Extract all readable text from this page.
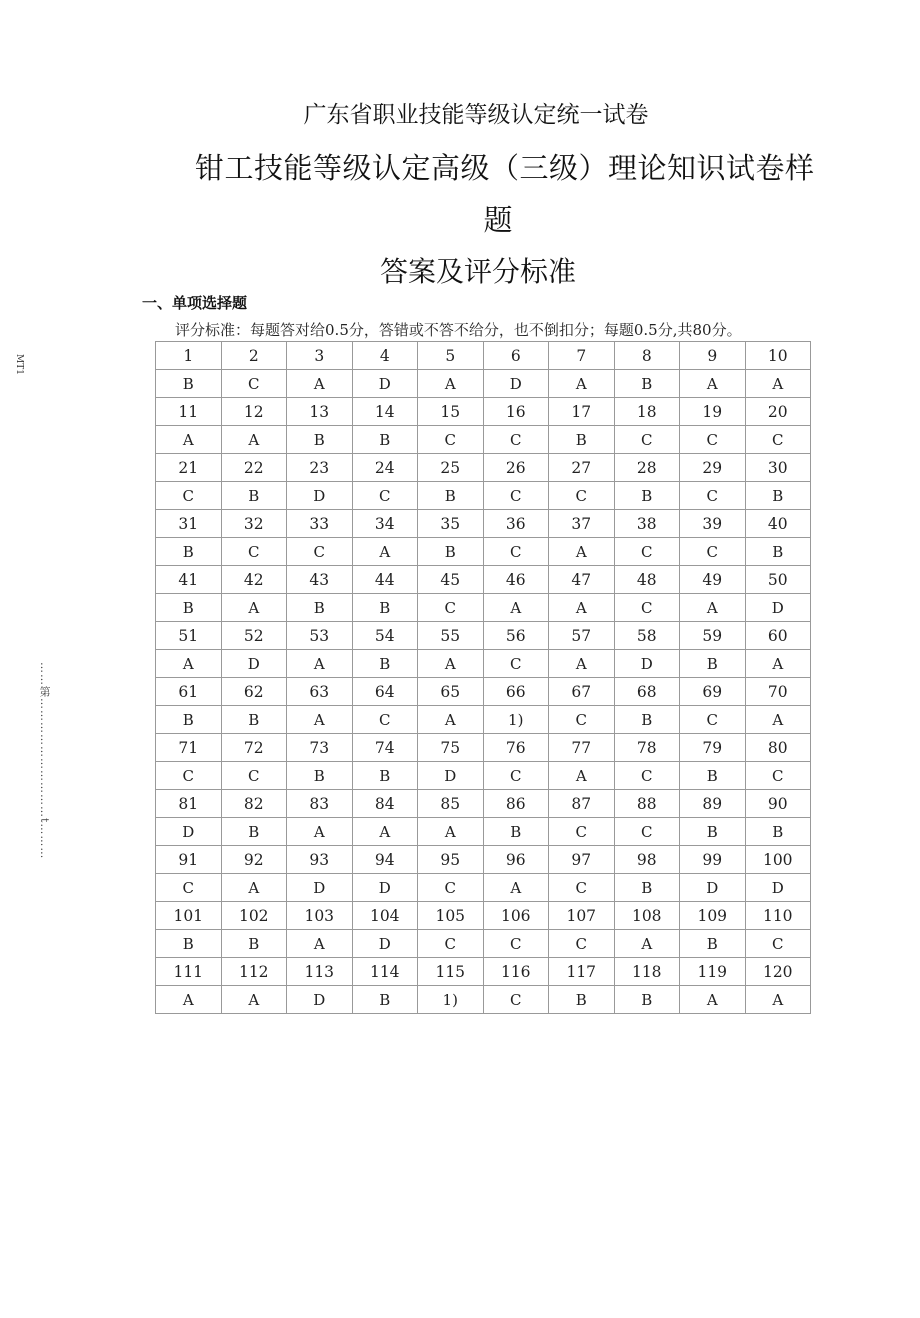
广东省职业技能等级认定统一试卷
钳工技能等级认定高级（三级）理论知识试卷样
题
答案及评分标准
一、单项选择题
评分标准：每题答对给0.5分，答错或不答不给分，也不倒扣分；每题0.5分,共80分。
MT1
……第…………………………t………
1	2	3	4	5	6	7	8	9	10
B	C	A	D	A	D	A	B	A	A
11	12	13	14	15	16	17	18	19	20
A	A	B	B	C	C	B	C	C	C
21	22	23	24	25	26	27	28	29	30
C	B	D	C	B	C	C	B	C	B
31	32	33	34	35	36	37	38	39	40
B	C	C	A	B	C	A	C	C	B
41	42	43	44	45	46	47	48	49	50
B	A	B	B	C	A	A	C	A	D
51	52	53	54	55	56	57	58	59	60
A	D	A	B	A	C	A	D	B	A
61	62	63	64	65	66	67	68	69	70
B	B	A	C	A	1)	C	B	C	A
71	72	73	74	75	76	77	78	79	80
C	C	B	B	D	C	A	C	B	C
81	82	83	84	85	86	87	88	89	90
D	B	A	A	A	B	C	C	B	B
91	92	93	94	95	96	97	98	99	100
C	A	D	D	C	A	C	B	D	D
101	102	103	104	105	106	107	108	109	110
B	B	A	D	C	C	C	A	B	C
111	112	113	114	115	116	117	118	119	120
A	A	D	B	1)	C	B	B	A	A
